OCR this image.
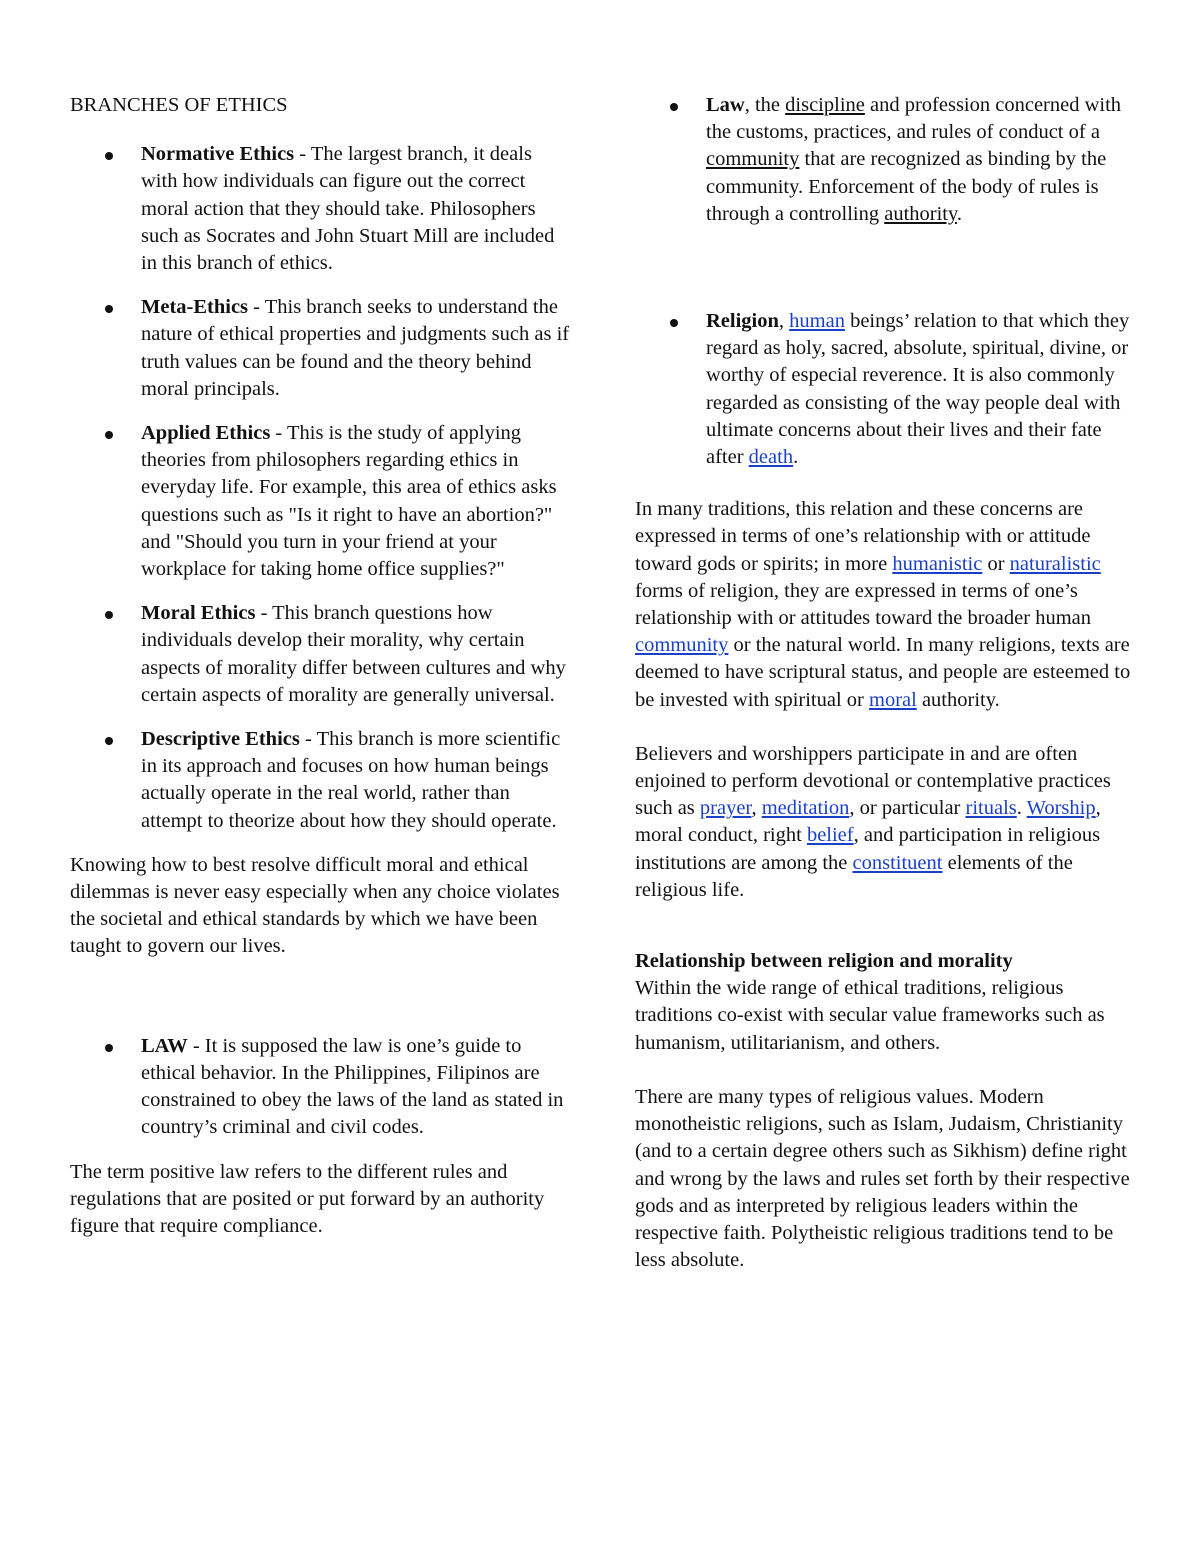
BRANCHES OF ETHICS

Normative Ethics - The largest branch, it deals with how individuals can figure out the correct moral action that they should take. Philosophers such as Socrates and John Stuart Mill are included in this branch of ethics.
Meta-Ethics - This branch seeks to understand the nature of ethical properties and judgments such as if truth values can be found and the theory behind moral principals.
Applied Ethics - This is the study of applying theories from philosophers regarding ethics in everyday life. For example, this area of ethics asks questions such as "Is it right to have an abortion?" and "Should you turn in your friend at your workplace for taking home office supplies?"
Moral Ethics - This branch questions how individuals develop their morality, why certain aspects of morality differ between cultures and why certain aspects of morality are generally universal.
Descriptive Ethics - This branch is more scientific in its approach and focuses on how human beings actually operate in the real world, rather than attempt to theorize about how they should operate.

Knowing how to best resolve difficult moral and ethical dilemmas is never easy especially when any choice violates the societal and ethical standards by which we have been taught to govern our lives.

LAW - It is supposed the law is one’s guide to ethical behavior. In the Philippines, Filipinos are constrained to obey the laws of the land as stated in country’s criminal and civil codes.

The term positive law refers to the different rules and regulations that are posited or put forward by an authority figure that require compliance.

Law, the discipline and profession concerned with the customs, practices, and rules of conduct of a community that are recognized as binding by the community. Enforcement of the body of rules is through a controlling authority.
Religion, human beings’ relation to that which they regard as holy, sacred, absolute, spiritual, divine, or worthy of especial reverence. It is also commonly regarded as consisting of the way people deal with ultimate concerns about their lives and their fate after death.

In many traditions, this relation and these concerns are expressed in terms of one’s relationship with or attitude toward gods or spirits; in more humanistic or naturalistic forms of religion, they are expressed in terms of one’s relationship with or attitudes toward the broader human community or the natural world. In many religions, texts are deemed to have scriptural status, and people are esteemed to be invested with spiritual or moral authority.

Believers and worshippers participate in and are often enjoined to perform devotional or contemplative practices such as prayer, meditation, or particular rituals. Worship, moral conduct, right belief, and participation in religious institutions are among the constituent elements of the religious life.

Relationship between religion and morality

Within the wide range of ethical traditions, religious traditions co-exist with secular value frameworks such as humanism, utilitarianism, and others.

There are many types of religious values. Modern monotheistic religions, such as Islam, Judaism, Christianity (and to a certain degree others such as Sikhism) define right and wrong by the laws and rules set forth by their respective gods and as interpreted by religious leaders within the respective faith. Polytheistic religious traditions tend to be less absolute.
